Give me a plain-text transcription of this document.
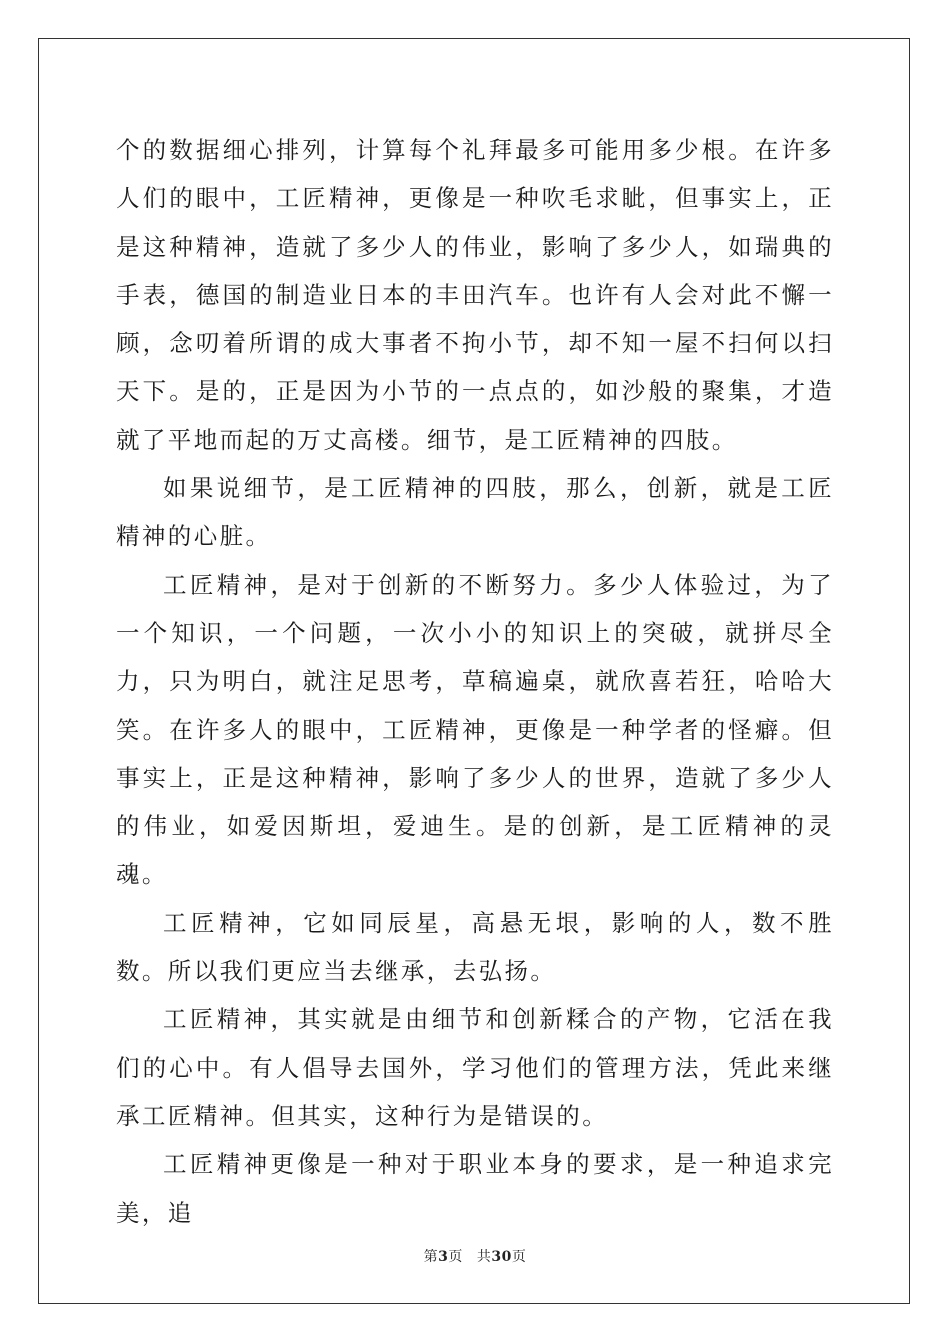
个的数据细心排列，计算每个礼拜最多可能用多少根。在许多人们的眼中，工匠精神，更像是一种吹毛求眦，但事实上，正是这种精神，造就了多少人的伟业，影响了多少人，如瑞典的手表，德国的制造业日本的丰田汽车。也许有人会对此不懈一顾，念叨着所谓的成大事者不拘小节，却不知一屋不扫何以扫天下。是的，正是因为小节的一点点的，如沙般的聚集，才造就了平地而起的万丈高楼。细节，是工匠精神的四肢。

如果说细节，是工匠精神的四肢，那么，创新，就是工匠精神的心脏。

工匠精神，是对于创新的不断努力。多少人体验过，为了一个知识，一个问题，一次小小的知识上的突破，就拼尽全力，只为明白，就注足思考，草稿遍桌，就欣喜若狂，哈哈大笑。在许多人的眼中，工匠精神，更像是一种学者的怪癖。但事实上，正是这种精神，影响了多少人的世界，造就了多少人的伟业，如爱因斯坦，爱迪生。是的创新，是工匠精神的灵魂。

工匠精神，它如同辰星，高悬无垠，影响的人，数不胜数。所以我们更应当去继承，去弘扬。

工匠精神，其实就是由细节和创新糅合的产物，它活在我们的心中。有人倡导去国外，学习他们的管理方法，凭此来继承工匠精神。但其实，这种行为是错误的。

工匠精神更像是一种对于职业本身的要求，是一种追求完美，追

第3页 共30页
